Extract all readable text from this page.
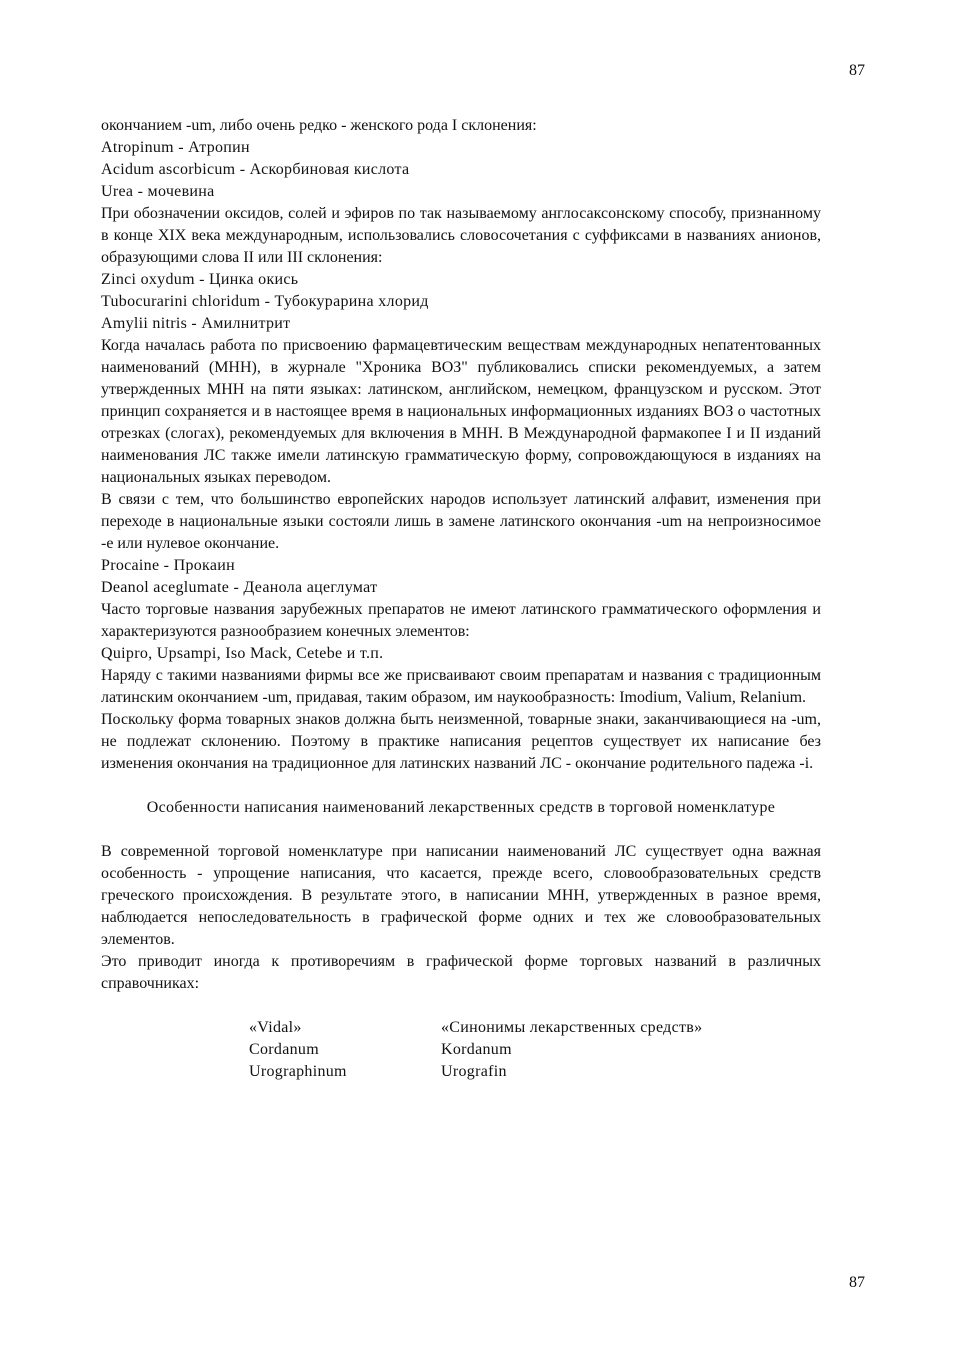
87

окончанием -um, либо очень редко - женского рода I склонения:

Atropinum - Атропин

Acidum ascorbicum - Аскорбиновая кислота

Urea - мочевина

При обозначении оксидов, солей и эфиров по так называемому англосаксонскому способу, признанному в конце XIX века международным, использовались словосочетания с суффиксами в названиях анионов, образующими слова II или III склонения:

Zinci oxydum - Цинка окись

Tubocurarini chloridum - Тубокурарина хлорид

Amylii nitris - Амилнитрит

Когда началась работа по присвоению фармацевтическим веществам международных непатентованных наименований (МНН), в журнале "Хроника ВОЗ" публиковались списки рекомендуемых, а затем утвержденных МНН на пяти языках: латинском, английском, немецком, французском и русском. Этот принцип сохраняется и в настоящее время в национальных информационных изданиях ВОЗ о частотных отрезках (слогах), рекомендуемых для включения в МНН. В Международной фармакопее I и II изданий наименования ЛС также имели латинскую грамматическую форму, сопровождающуюся в изданиях на национальных языках переводом.

В связи с тем, что большинство европейских народов использует латинский алфавит, изменения при переходе в национальные языки состояли лишь в замене латинского окончания -um на непроизносимое -е или нулевое окончание.

Procaine - Прокаин

Deanol aceglumate - Деанола ацеглумат

Часто торговые названия зарубежных препаратов не имеют латинского грамматического оформления и характеризуются разнообразием конечных элементов:

Quipro, Upsampi, Iso Mack, Cetebe и т.п.

Наряду с такими названиями фирмы все же присваивают своим препаратам и названия с традиционным латинским окончанием -um, придавая, таким образом, им наукообразность: Imodium, Valium, Relanium.

Поскольку форма товарных знаков должна быть неизменной, товарные знаки, заканчивающиеся на -um, не подлежат склонению. Поэтому в практике написания рецептов существует их написание без изменения окончания на традиционное для латинских названий ЛС - окончание родительного падежа -i.

Особенности написания наименований лекарственных средств в торговой номенклатуре

В современной торговой номенклатуре при написании наименований ЛС существует одна важная особенность - упрощение написания, что касается, прежде всего, словообразовательных средств греческого происхождения. В результате этого, в написании МНН, утвержденных в разное время, наблюдается непоследовательность в графической форме одних и тех же словообразовательных элементов.

Это приводит иногда к противоречиям в графической форме торговых названий в различных справочниках:

«Vidal»	«Синонимы лекарственных средств»
Cordanum	Kordanum
Urographinum	Urografin
87
